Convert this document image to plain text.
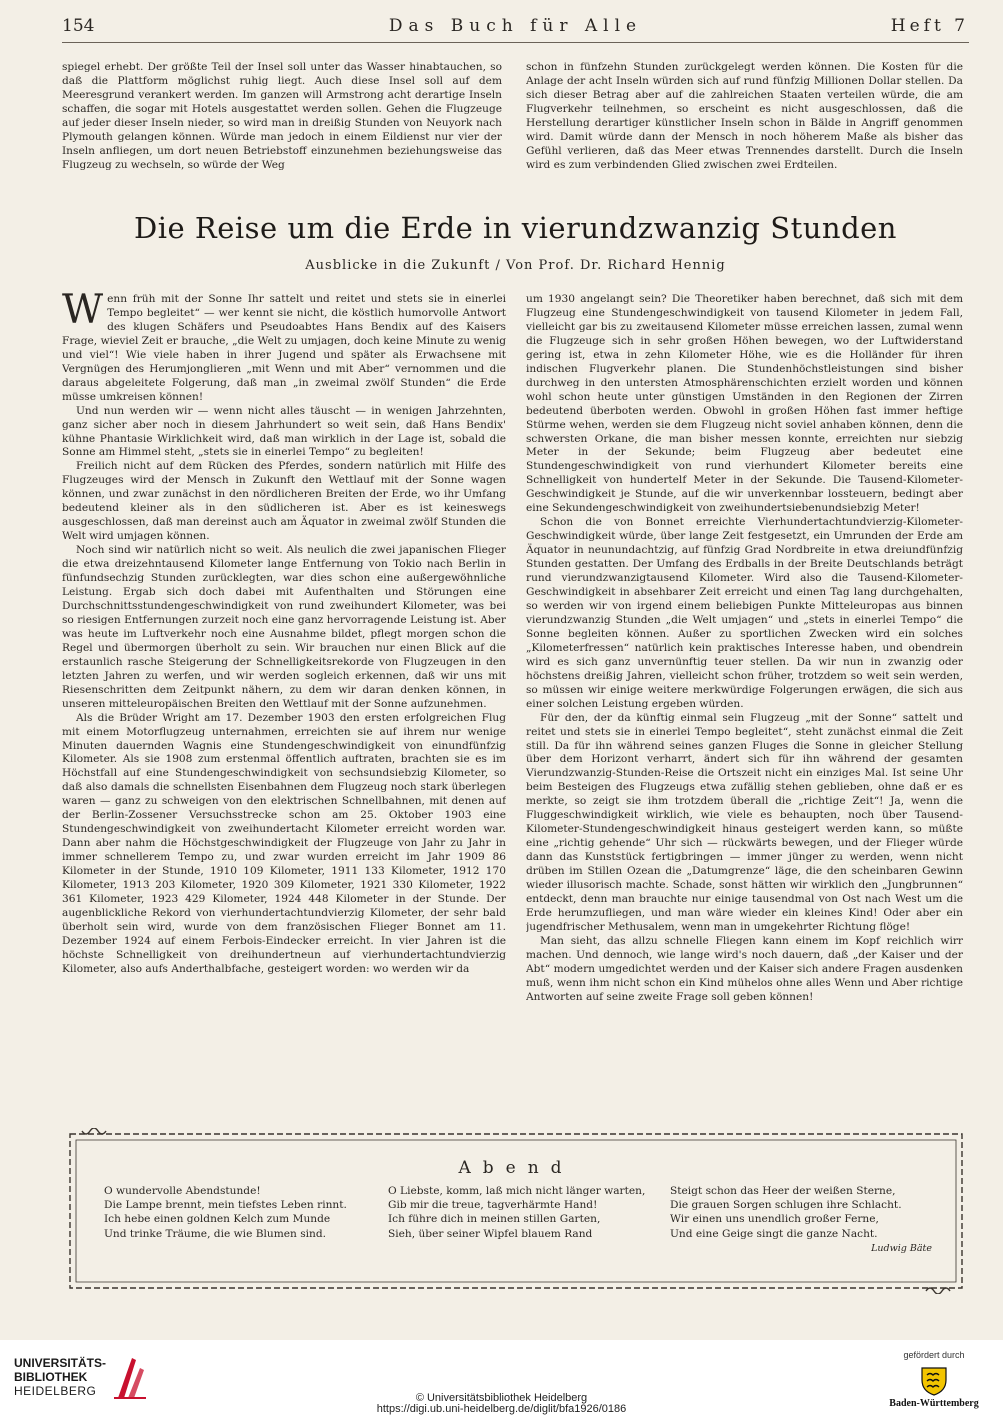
154	Das Buch für Alle	Heft 7

spiegel erhebt. Der größte Teil der Insel soll unter das Wasser hinabtauchen, so daß die Plattform möglichst ruhig liegt. Auch diese Insel soll auf dem Meeresgrund verankert werden. Im ganzen will Armstrong acht derartige Inseln schaffen, die sogar mit Hotels ausgestattet werden sollen. Gehen die Flugzeuge auf jeder dieser Inseln nieder, so wird man in dreißig Stunden von Neuyork nach Plymouth gelangen können. Würde man jedoch in einem Eildienst nur vier der Inseln anfliegen, um dort neuen Betriebstoff einzunehmen beziehungsweise das Flugzeug zu wechseln, so würde der Weg

schon in fünfzehn Stunden zurückgelegt werden können. Die Kosten für die Anlage der acht Inseln würden sich auf rund fünfzig Millionen Dollar stellen. Da sich dieser Betrag aber auf die zahlreichen Staaten verteilen würde, die am Flugverkehr teilnehmen, so erscheint es nicht ausgeschlossen, daß die Herstellung derartiger künstlicher Inseln schon in Bälde in Angriff genommen wird. Damit würde dann der Mensch in noch höherem Maße als bisher das Gefühl verlieren, daß das Meer etwas Trennendes darstellt. Durch die Inseln wird es zum verbindenden Glied zwischen zwei Erdteilen.

Die Reise um die Erde in vierundzwanzig Stunden
Ausblicke in die Zukunft / Von Prof. Dr. Richard Hennig

Wenn früh mit der Sonne Ihr sattelt und reitet und stets sie in einerlei Tempo begleitet“ — wer kennt sie nicht, die köstlich humorvolle Antwort des klugen Schäfers und Pseudoabtes Hans Bendix auf des Kaisers Frage, wieviel Zeit er brauche, „die Welt zu umjagen, doch keine Minute zu wenig und viel“! Wie viele haben in ihrer Jugend und später als Erwachsene mit Vergnügen des Herumjonglieren „mit Wenn und mit Aber“ vernommen und die daraus abgeleitete Folgerung, daß man „in zweimal zwölf Stunden“ die Erde müsse umkreisen können!

Und nun werden wir — wenn nicht alles täuscht — in wenigen Jahrzehnten, ganz sicher aber noch in diesem Jahrhundert so weit sein, daß Hans Bendix' kühne Phantasie Wirklichkeit wird, daß man wirklich in der Lage ist, sobald die Sonne am Himmel steht, „stets sie in einerlei Tempo“ zu begleiten!

Freilich nicht auf dem Rücken des Pferdes, sondern natürlich mit Hilfe des Flugzeuges wird der Mensch in Zukunft den Wettlauf mit der Sonne wagen können, und zwar zunächst in den nördlicheren Breiten der Erde, wo ihr Umfang bedeutend kleiner als in den südlicheren ist. Aber es ist keineswegs ausgeschlossen, daß man dereinst auch am Äquator in zweimal zwölf Stunden die Welt wird umjagen können.

Noch sind wir natürlich nicht so weit. Als neulich die zwei japanischen Flieger die etwa dreizehntausend Kilometer lange Entfernung von Tokio nach Berlin in fünfundsechzig Stunden zurücklegten, war dies schon eine außergewöhnliche Leistung. Ergab sich doch dabei mit Aufenthalten und Störungen eine Durchschnittsstundengeschwindigkeit von rund zweihundert Kilometer, was bei so riesigen Entfernungen zurzeit noch eine ganz hervorragende Leistung ist. Aber was heute im Luftverkehr noch eine Ausnahme bildet, pflegt morgen schon die Regel und übermorgen überholt zu sein. Wir brauchen nur einen Blick auf die erstaunlich rasche Steigerung der Schnelligkeitsrekorde von Flugzeugen in den letzten Jahren zu werfen, und wir werden sogleich erkennen, daß wir uns mit Riesenschritten dem Zeitpunkt nähern, zu dem wir daran denken können, in unseren mitteleuropäischen Breiten den Wettlauf mit der Sonne aufzunehmen.

Als die Brüder Wright am 17. Dezember 1903 den ersten erfolgreichen Flug mit einem Motorflugzeug unternahmen, erreichten sie auf ihrem nur wenige Minuten dauernden Wagnis eine Stundengeschwindigkeit von einundfünfzig Kilometer. Als sie 1908 zum erstenmal öffentlich auftraten, brachten sie es im Höchstfall auf eine Stundengeschwindigkeit von sechsundsiebzig Kilometer, so daß also damals die schnellsten Eisenbahnen dem Flugzeug noch stark überlegen waren — ganz zu schweigen von den elektrischen Schnellbahnen, mit denen auf der Berlin-Zossener Versuchsstrecke schon am 25. Oktober 1903 eine Stundengeschwindigkeit von zweihundertacht Kilometer erreicht worden war. Dann aber nahm die Höchstgeschwindigkeit der Flugzeuge von Jahr zu Jahr in immer schnellerem Tempo zu, und zwar wurden erreicht im Jahr 1909 86 Kilometer in der Stunde, 1910 109 Kilometer, 1911 133 Kilometer, 1912 170 Kilometer, 1913 203 Kilometer, 1920 309 Kilometer, 1921 330 Kilometer, 1922 361 Kilometer, 1923 429 Kilometer, 1924 448 Kilometer in der Stunde. Der augenblickliche Rekord von vierhundertachtundvierzig Kilometer, der sehr bald überholt sein wird, wurde von dem französischen Flieger Bonnet am 11. Dezember 1924 auf einem Ferbois-Eindecker erreicht. In vier Jahren ist die höchste Schnelligkeit von dreihundertneun auf vierhundertachtundvierzig Kilometer, also aufs Anderthalbfache, gesteigert worden: wo werden wir da

um 1930 angelangt sein? Die Theoretiker haben berechnet, daß sich mit dem Flugzeug eine Stundengeschwindigkeit von tausend Kilometer in jedem Fall, vielleicht gar bis zu zweitausend Kilometer müsse erreichen lassen, zumal wenn die Flugzeuge sich in sehr großen Höhen bewegen, wo der Luftwiderstand gering ist, etwa in zehn Kilometer Höhe, wie es die Holländer für ihren indischen Flugverkehr planen. Die Stundenhöchstleistungen sind bisher durchweg in den untersten Atmosphärenschichten erzielt worden und können wohl schon heute unter günstigen Umständen in den Regionen der Zirren bedeutend überboten werden. Obwohl in großen Höhen fast immer heftige Stürme wehen, werden sie dem Flugzeug nicht soviel anhaben können, denn die schwersten Orkane, die man bisher messen konnte, erreichten nur siebzig Meter in der Sekunde; beim Flugzeug aber bedeutet eine Stundengeschwindigkeit von rund vierhundert Kilometer bereits eine Schnelligkeit von hundertelf Meter in der Sekunde. Die Tausend-Kilometer-Geschwindigkeit je Stunde, auf die wir unverkennbar lossteuern, bedingt aber eine Sekundengeschwindigkeit von zweihundertsiebenundsiebzig Meter!

Schon die von Bonnet erreichte Vierhundertachtundvierzig-Kilometer-Geschwindigkeit würde, über lange Zeit festgesetzt, ein Umrunden der Erde am Äquator in neunundachtzig, auf fünfzig Grad Nordbreite in etwa dreiundfünfzig Stunden gestatten. Der Umfang des Erdballs in der Breite Deutschlands beträgt rund vierundzwanzigtausend Kilometer. Wird also die Tausend-Kilometer-Geschwindigkeit in absehbarer Zeit erreicht und einen Tag lang durchgehalten, so werden wir von irgend einem beliebigen Punkte Mitteleuropas aus binnen vierundzwanzig Stunden „die Welt umjagen“ und „stets in einerlei Tempo“ die Sonne begleiten können. Außer zu sportlichen Zwecken wird ein solches „Kilometerfressen“ natürlich kein praktisches Interesse haben, und obendrein wird es sich ganz unvernünftig teuer stellen. Da wir nun in zwanzig oder höchstens dreißig Jahren, vielleicht schon früher, trotzdem so weit sein werden, so müssen wir einige weitere merkwürdige Folgerungen erwägen, die sich aus einer solchen Leistung ergeben würden.

Für den, der da künftig einmal sein Flugzeug „mit der Sonne“ sattelt und reitet und stets sie in einerlei Tempo begleitet“, steht zunächst einmal die Zeit still. Da für ihn während seines ganzen Fluges die Sonne in gleicher Stellung über dem Horizont verharrt, ändert sich für ihn während der gesamten Vierundzwanzig-Stunden-Reise die Ortszeit nicht ein einziges Mal. Ist seine Uhr beim Besteigen des Flugzeugs etwa zufällig stehen geblieben, ohne daß er es merkte, so zeigt sie ihm trotzdem überall die „richtige Zeit“! Ja, wenn die Fluggeschwindigkeit wirklich, wie viele es behaupten, noch über Tausend-Kilometer-Stundengeschwindigkeit hinaus gesteigert werden kann, so müßte eine „richtig gehende“ Uhr sich — rückwärts bewegen, und der Flieger würde dann das Kunststück fertigbringen — immer jünger zu werden, wenn nicht drüben im Stillen Ozean die „Datumgrenze“ läge, die den scheinbaren Gewinn wieder illusorisch machte. Schade, sonst hätten wir wirklich den „Jungbrunnen“ entdeckt, denn man brauchte nur einige tausendmal von Ost nach West um die Erde herumzufliegen, und man wäre wieder ein kleines Kind! Oder aber ein jugendfrischer Methusalem, wenn man in umgekehrter Richtung flöge!

Man sieht, das allzu schnelle Fliegen kann einem im Kopf reichlich wirr machen. Und dennoch, wie lange wird's noch dauern, daß „der Kaiser und der Abt“ modern umgedichtet werden und der Kaiser sich andere Fragen ausdenken muß, wenn ihm nicht schon ein Kind mühelos ohne alles Wenn und Aber richtige Antworten auf seine zweite Frage soll geben können!

Abend
O wundervolle Abendstunde!
Die Lampe brennt, mein tiefstes Leben rinnt.
Ich hebe einen goldnen Kelch zum Munde
Und trinke Träume, die wie Blumen sind.
O Liebste, komm, laß mich nicht länger warten,
Gib mir die treue, tagverhärmte Hand!
Ich führe dich in meinen stillen Garten,
Sieh, über seiner Wipfel blauem Rand
Steigt schon das Heer der weißen Sterne,
Die grauen Sorgen schlugen ihre Schlacht.
Wir einen uns unendlich großer Ferne,
Und eine Geige singt die ganze Nacht.
Ludwig Bäte
UNIVERSITÄTS-
BIBLIOTHEK
HEIDELBERG	© Universitätsbibliothek Heidelberg
https://digi.ub.uni-heidelberg.de/diglit/bfa1926/0186
gefördert durch
Baden-Württemberg
